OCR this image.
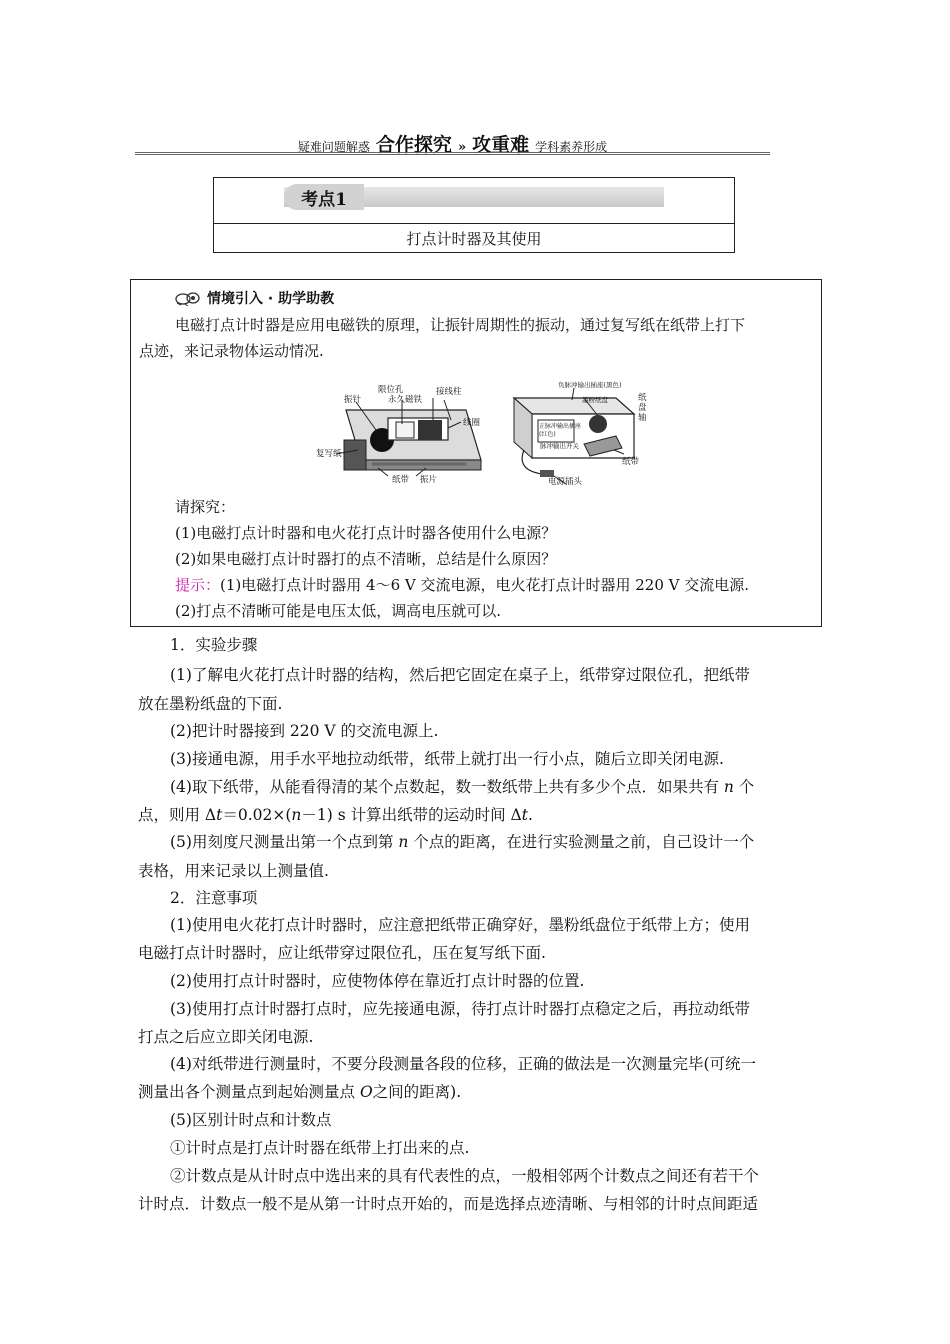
疑难问题解惑 合作探究 » 攻重难 学科素养形成
考点1
打点计时器及其使用
情境引入 · 助学助教
电磁打点计时器是应用电磁铁的原理，让振针周期性的振动，通过复写纸在纸带上打下
点迹，来记录物体运动情况.
限位孔
永久磁铁
接线柱
振针
线圈
复写纸
纸带 振片
负脉冲输出插座(黑色)
墨粉纸盘
正脉冲输出插座
(红色)
脉冲输出开关
纸
盘
轴
纸带
电源插头
请探究：
(1)电磁打点计时器和电火花打点计时器各使用什么电源？
(2)如果电磁打点计时器打的点不清晰，总结是什么原因？
提示：(1)电磁打点计时器用 4～6 V 交流电源，电火花打点计时器用 220 V 交流电源.
(2)打点不清晰可能是电压太低，调高电压就可以.
1．实验步骤
(1)了解电火花打点计时器的结构，然后把它固定在桌子上，纸带穿过限位孔，把纸带
放在墨粉纸盘的下面.
(2)把计时器接到 220 V 的交流电源上.
(3)接通电源，用手水平地拉动纸带，纸带上就打出一行小点，随后立即关闭电源.
(4)取下纸带，从能看得清的某个点数起，数一数纸带上共有多少个点．如果共有 n 个
点，则用 Δt＝0.02×(n－1) s 计算出纸带的运动时间 Δt.
(5)用刻度尺测量出第一个点到第 n 个点的距离，在进行实验测量之前，自己设计一个
表格，用来记录以上测量值.
2．注意事项
(1)使用电火花打点计时器时，应注意把纸带正确穿好，墨粉纸盘位于纸带上方；使用
电磁打点计时器时，应让纸带穿过限位孔，压在复写纸下面.
(2)使用打点计时器时，应使物体停在靠近打点计时器的位置.
(3)使用打点计时器打点时，应先接通电源，待打点计时器打点稳定之后，再拉动纸带
打点之后应立即关闭电源.
(4)对纸带进行测量时，不要分段测量各段的位移，正确的做法是一次测量完毕(可统一
测量出各个测量点到起始测量点 O之间的距离).
(5)区别计时点和计数点
①计时点是打点计时器在纸带上打出来的点.
②计数点是从计时点中选出来的具有代表性的点，一般相邻两个计数点之间还有若干个
计时点．计数点一般不是从第一计时点开始的，而是选择点迹清晰、与相邻的计时点间距适
